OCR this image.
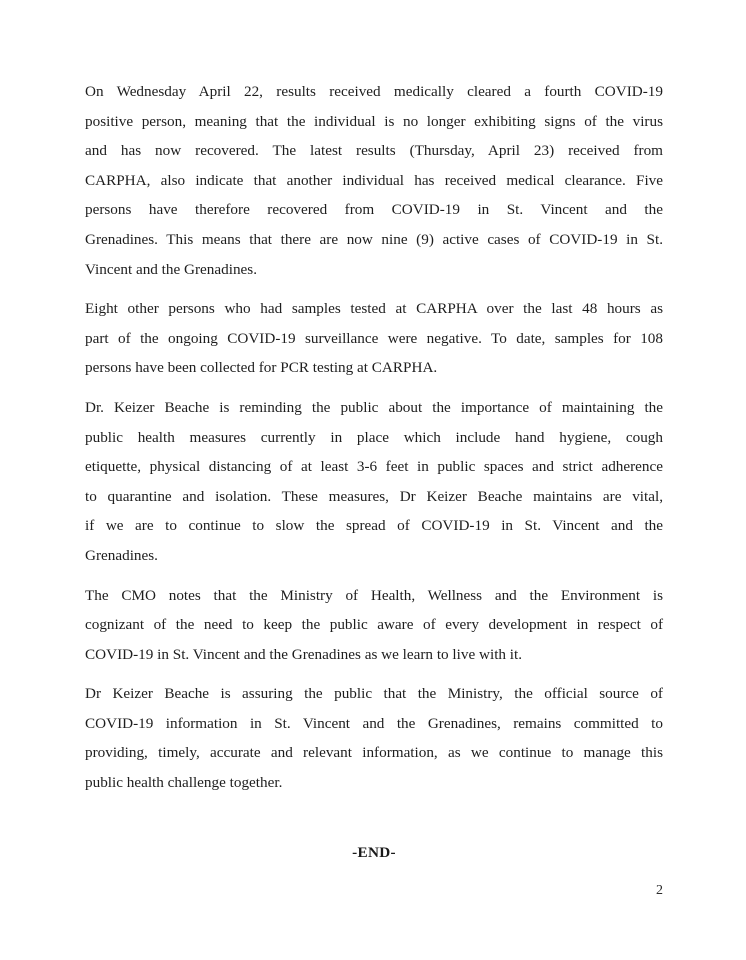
On Wednesday April 22, results received medically cleared a fourth COVID-19
positive person, meaning that the individual is no longer exhibiting signs of the virus
and has now recovered. The latest results (Thursday, April 23) received from
CARPHA, also indicate that another individual has received medical clearance. Five
persons have therefore recovered from COVID-19 in St. Vincent and the
Grenadines. This means that there are now nine (9) active cases of COVID-19 in St.
Vincent and the Grenadines.
Eight other persons who had samples tested at CARPHA over the last 48 hours as
part of the ongoing COVID-19 surveillance were negative. To date, samples for 108
persons have been collected for PCR testing at CARPHA.
Dr. Keizer Beache is reminding the public about the importance of maintaining the
public health measures currently in place which include hand hygiene, cough
etiquette, physical distancing of at least 3-6 feet in public spaces and strict adherence
to quarantine and isolation. These measures, Dr Keizer Beache maintains are vital,
if we are to continue to slow the spread of COVID-19 in St. Vincent and the
Grenadines.
The CMO notes that the Ministry of Health, Wellness and the Environment is
cognizant of the need to keep the public aware of every development in respect of
COVID-19 in St. Vincent and the Grenadines as we learn to live with it.
Dr Keizer Beache is assuring the public that the Ministry, the official source of
COVID-19 information in St. Vincent and the Grenadines, remains committed to
providing, timely, accurate and relevant information, as we continue to manage this
public health challenge together.
-END-
2
